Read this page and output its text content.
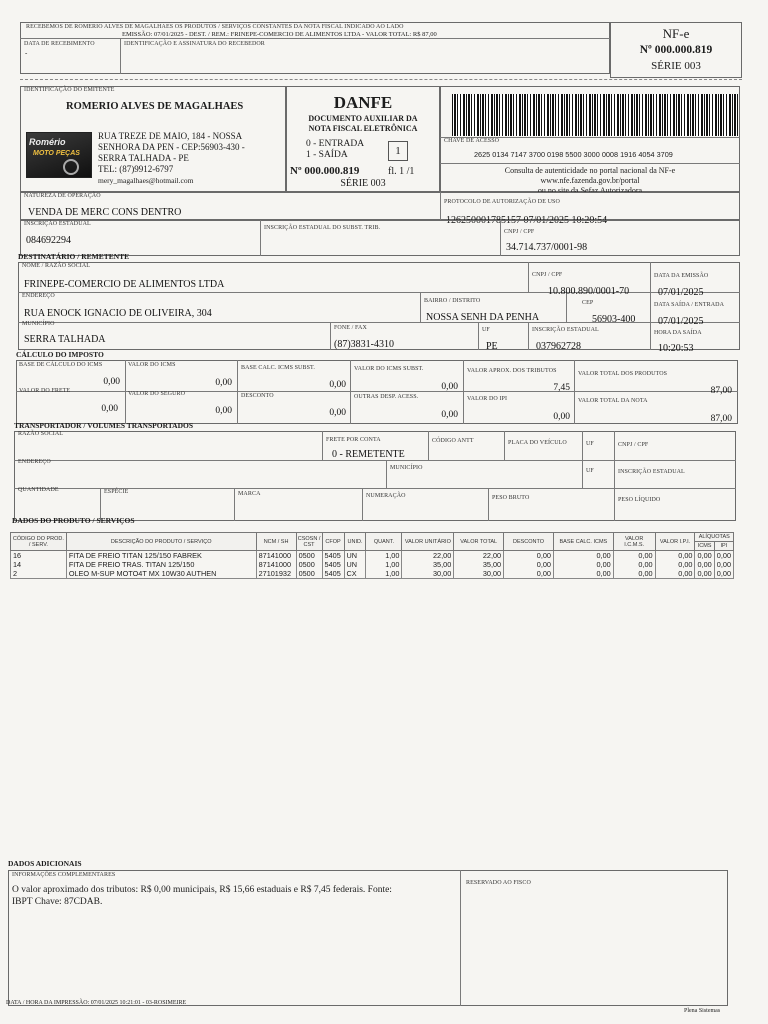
RECEBEMOS DE ROMERIO ALVES DE MAGALHAES OS PRODUTOS / SERVIÇOS CONSTANTES DA NOTA FISCAL INDICADO AO LADO
EMISSÃO: 07/01/2025 - DEST. / REM.: FRINEPE-COMERCIO DE ALIMENTOS LTDA - VALOR TOTAL: R$ 87,00
DATA DE RECEBIMENTO
-
IDENTIFICAÇÃO E ASSINATURA DO RECEBEDOR
NF-e
Nº 000.000.819
SÉRIE 003
IDENTIFICAÇÃO DO EMITENTE
ROMERIO ALVES DE MAGALHAES
Romério
MOTO PEÇAS
RUA TREZE DE MAIO, 184 - NOSSA
SENHORA DA PEN - CEP:56903-430 -
SERRA TALHADA - PE
TEL: (87)9912-6797
mery_magalhaes@hotmail.com
DANFE
DOCUMENTO AUXILIAR DA
NOTA FISCAL ELETRÔNICA
0 - ENTRADA
1 - SAÍDA	1
Nº 000.000.819	fl. 1 /1
SÉRIE 003
CHAVE DE ACESSO
2625 0134 7147 3700 0198 5500 3000 0008 1916 4054 3709
Consulta de autenticidade no portal nacional da NF-e
www.nfe.fazenda.gov.br/portal
ou no site da Sefaz Autorizadora
NATUREZA DE OPERAÇÃO
VENDA DE MERC CONS DENTRO
PROTOCOLO DE AUTORIZAÇÃO DE USO
126250001785157 07/01/2025 10:20:54
INSCRIÇÃO ESTADUAL
084692294
INSCRIÇÃO ESTADUAL DO SUBST. TRIB.
CNPJ / CPF
34.714.737/0001-98
DESTINATÁRIO / REMETENTE
NOME / RAZÃO SOCIAL
FRINEPE-COMERCIO DE ALIMENTOS LTDA
CNPJ / CPF
10.800.890/0001-70
DATA DA EMISSÃO
07/01/2025
ENDEREÇO
RUA ENOCK IGNACIO DE OLIVEIRA, 304
BAIRRO / DISTRITO
NOSSA SENH DA PENHA
CEP
56903-400
DATA SAÍDA / ENTRADA
07/01/2025
MUNICÍPIO
SERRA TALHADA
FONE / FAX
(87)3831-4310
UF
PE
INSCRIÇÃO ESTADUAL
037962728
HORA DA SAÍDA
10:20:53
CÁLCULO DO IMPOSTO
BASE DE CÁLCULO DO ICMS
0,00
VALOR DO ICMS
0,00
BASE CALC. ICMS SUBST.
0,00
VALOR DO ICMS SUBST.
0,00
VALOR APROX. DOS TRIBUTOS
7,45
VALOR TOTAL DOS PRODUTOS
87,00
VALOR DO FRETE
0,00
VALOR DO SEGURO
0,00
DESCONTO
0,00
OUTRAS DESP. ACESS.
0,00
VALOR DO IPI
0,00
VALOR TOTAL DA NOTA
87,00
TRANSPORTADOR / VOLUMES TRANSPORTADOS
RAZÃO SOCIAL
FRETE POR CONTA
0 - REMETENTE
CÓDIGO ANTT	PLACA DO VEÍCULO	UF	CNPJ / CPF
ENDEREÇO
MUNICÍPIO	UF	INSCRIÇÃO ESTADUAL
QUANTIDADE	ESPÉCIE	MARCA	NUMERAÇÃO	PESO BRUTO	PESO LÍQUIDO
DADOS DO PRODUTO / SERVIÇOS
CÓDIGO DO PROD. / SERV.	DESCRIÇÃO DO PRODUTO / SERVIÇO	NCM / SH	CSOSN / CST	CFOP	UNID.	QUANT.	VALOR UNITÁRIO	VALOR TOTAL	DESCONTO	BASE CALC. ICMS	VALOR I.C.M.S.	VALOR I.P.I.	ALÍQUOTAS	
													ICMS	IPI
16	FITA DE FREIO TITAN 125/150 FABREK	87141000	0500	5405	UN	1,00	22,00	22,00	0,00	0,00	0,00	0,00	0,00	0,00
14	FITA DE FREIO TRAS. TITAN 125/150	87141000	0500	5405	UN	1,00	35,00	35,00	0,00	0,00	0,00	0,00	0,00	0,00
2	OLEO M-SUP MOTO4T MX 10W30 AUTHEN	27101932	0500	5405	CX	1,00	30,00	30,00	0,00	0,00	0,00	0,00	0,00	0,00
DADOS ADICIONAIS
INFORMAÇÕES COMPLEMENTARES
O valor aproximado dos tributos: R$ 0,00 municipais, R$ 15,66 estaduais e R$ 7,45 federais. Fonte:
IBPT Chave: 87CDAB.
RESERVADO AO FISCO
DATA / HORA DA IMPRESSÃO: 07/01/2025 10:21:01 - 03-ROSIMEIRE
Plena Sistemas
